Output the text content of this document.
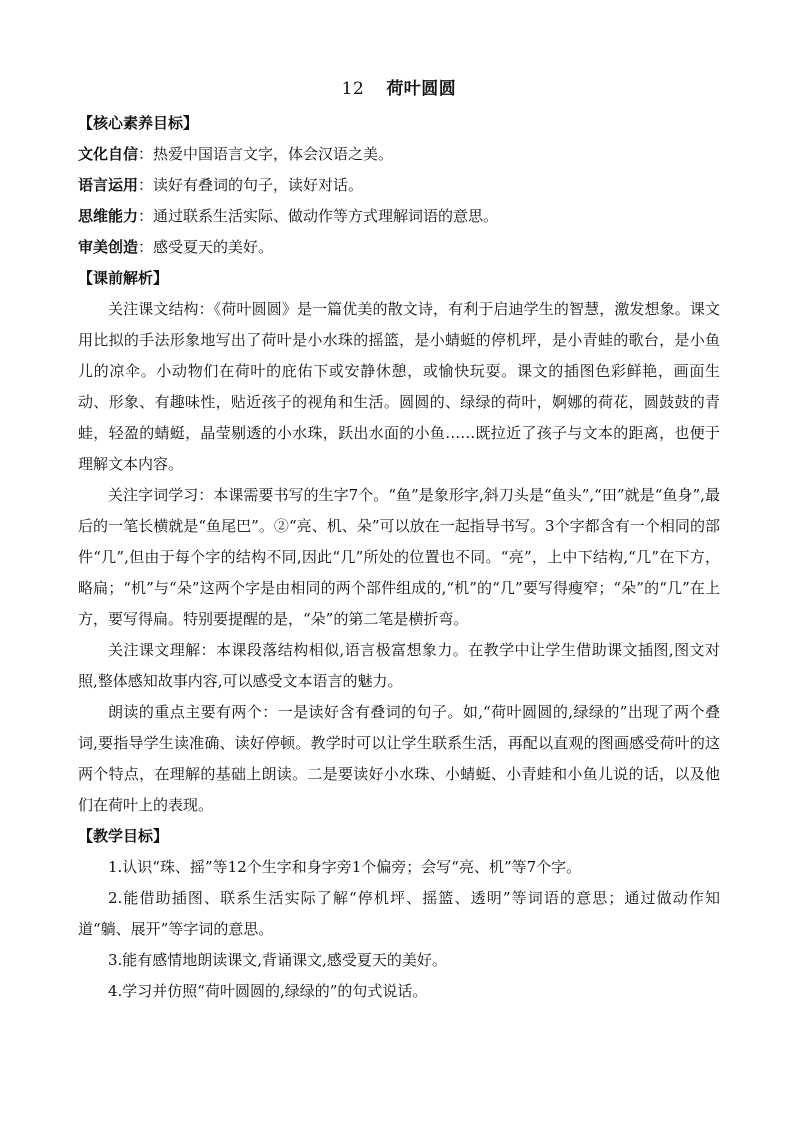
12 荷叶圆圆
【核心素养目标】
文化自信：热爱中国语言文字，体会汉语之美。
语言运用：读好有叠词的句子，读好对话。
思维能力：通过联系生活实际、做动作等方式理解词语的意思。
审美创造：感受夏天的美好。
【课前解析】

关注课文结构：《荷叶圆圆》是一篇优美的散文诗，有利于启迪学生的智慧，激发想象。课文用比拟的手法形象地写出了荷叶是小水珠的摇篮，是小蜻蜓的停机坪，是小青蛙的歌台，是小鱼儿的凉伞。小动物们在荷叶的庇佑下或安静休憩，或愉快玩耍。课文的插图色彩鲜艳，画面生动、形象、有趣味性，贴近孩子的视角和生活。圆圆的、绿绿的荷叶，婀娜的荷花，圆鼓鼓的青蛙，轻盈的蜻蜓，晶莹剔透的小水珠，跃出水面的小鱼……既拉近了孩子与文本的距离，也便于理解文本内容。

关注字词学习：本课需要书写的生字7个。“鱼”是象形字,斜刀头是“鱼头”,“田”就是“鱼身”,最后的一笔长横就是“鱼尾巴”。②“亮、机、朵”可以放在一起指导书写。3个字都含有一个相同的部件“几”,但由于每个字的结构不同,因此“几”所处的位置也不同。“亮”，上中下结构,“几”在下方，略扁；“机”与“朵”这两个字是由相同的两个部件组成的,“机”的“几”要写得瘦窄；“朵”的“几”在上方，要写得扁。特别要提醒的是，“朵”的第二笔是横折弯。

关注课文理解：本课段落结构相似,语言极富想象力。在教学中让学生借助课文插图,图文对照,整体感知故事内容,可以感受文本语言的魅力。

朗读的重点主要有两个：一是读好含有叠词的句子。如,“荷叶圆圆的,绿绿的”出现了两个叠词,要指导学生读准确、读好停顿。教学时可以让学生联系生活，再配以直观的图画感受荷叶的这两个特点，在理解的基础上朗读。二是要读好小水珠、小蜻蜓、小青蛙和小鱼儿说的话，以及他们在荷叶上的表现。

【教学目标】

1.认识“珠、摇”等12个生字和身字旁1个偏旁；会写“亮、机”等7个字。

2.能借助插图、联系生活实际了解“停机坪、摇篮、透明”等词语的意思；通过做动作知道“躺、展开”等字词的意思。

3.能有感情地朗读课文,背诵课文,感受夏天的美好。

4.学习并仿照“荷叶圆圆的,绿绿的”的句式说话。
